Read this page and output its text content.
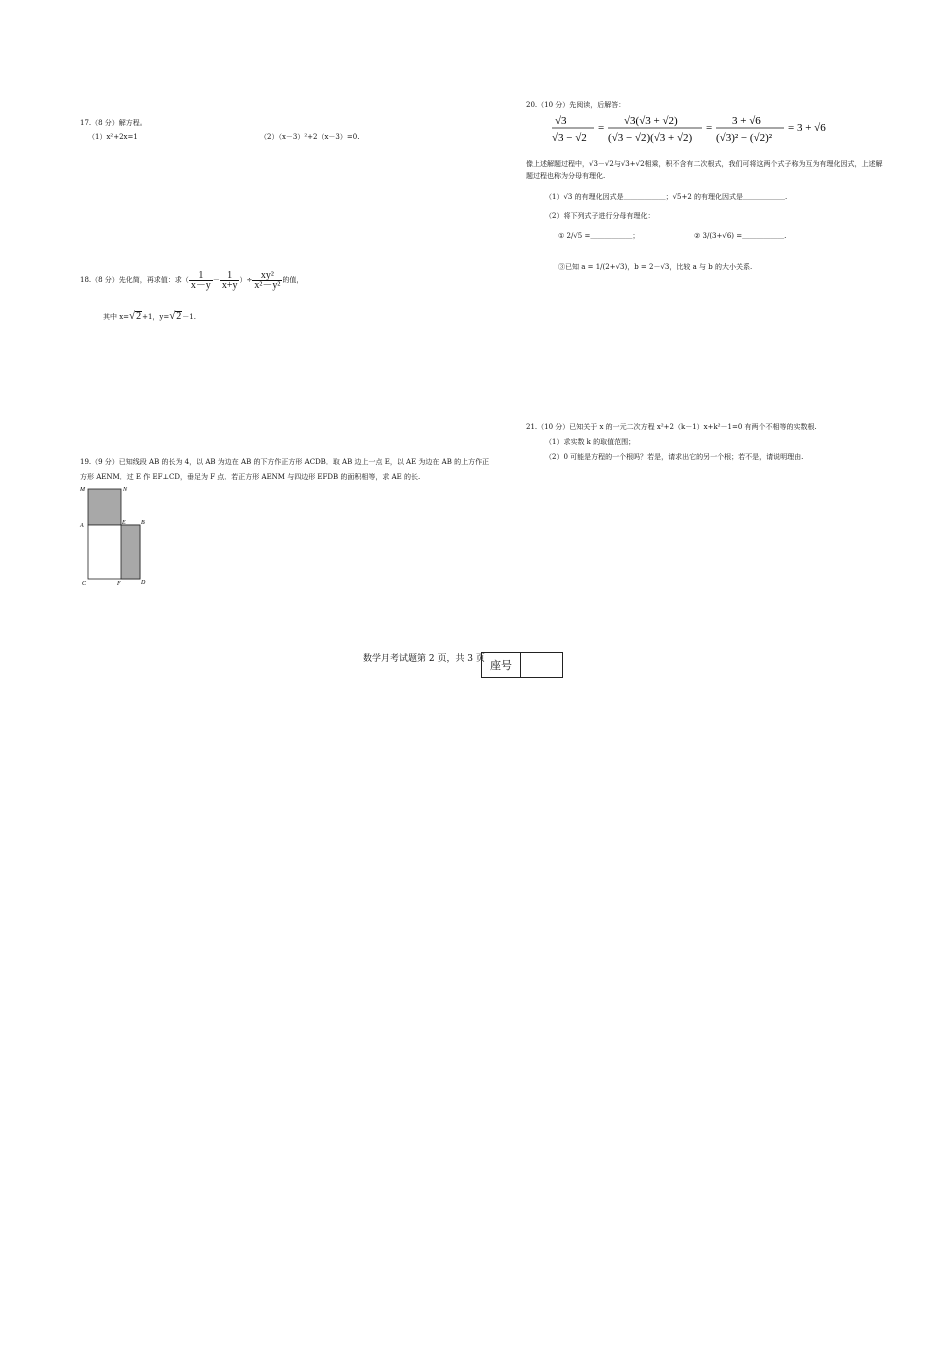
17.（8 分）解方程。
（1）x²+2x=1	（2）（x－3）²+2（x－3）=0.
18.（8 分）先化简，再求值：求（ $\frac{1}{x-y} - \frac{1}{x+y}$ ）÷ $\frac{\text{xy²}}{\text{x²－y²}}$ 的值，
其中 x=√2+1，y=√2－1.
19.（9 分）已知线段 AB 的长为 4，以 AB 为边在 AB 的下方作正方形 ACDB．取 AB 边上一点 E，以 AE 为边在 AB 的上方作正
方形 AENM．过 E 作 EF⊥CD，垂足为 F 点．若正方形 AENM 与四边形 EFDB 的面积相等，求 AE 的长.
M	N
A	E	B
C	F	D
20.（10 分）先阅读，后解答：
√3
√3 − √2
=
√3(√3 + √2)
(√3 − √2)(√3 + √2)
=
3 + √6
(√3)² − (√2)²
= 3 + √6
像上述解题过程中，√3－√2与√3+√2相乘，积不含有二次根式，我们可将这两个式子称为互为有理化因式，上述解
题过程也称为分母有理化.
（1）√3 的有理化因式是＿＿＿＿＿＿；√5+2 的有理化因式是＿＿＿＿＿＿.
（2）将下列式子进行分母有理化：
① 2/√5 =＿＿＿＿＿＿；	② 3/(3+√6) =＿＿＿＿＿＿.
③已知 a = 1/(2+√3)，b = 2－√3，比较 a 与 b 的大小关系.
21.（10 分）已知关于 x 的一元二次方程 x²+2（k－1）x+k²－1=0 有两个不相等的实数根.
（1）求实数 k 的取值范围；
（2）0 可能是方程的一个根吗？若是，请求出它的另一个根；若不是，请说明理由.
数学月考试题第 2 页，共 3 页 座号
